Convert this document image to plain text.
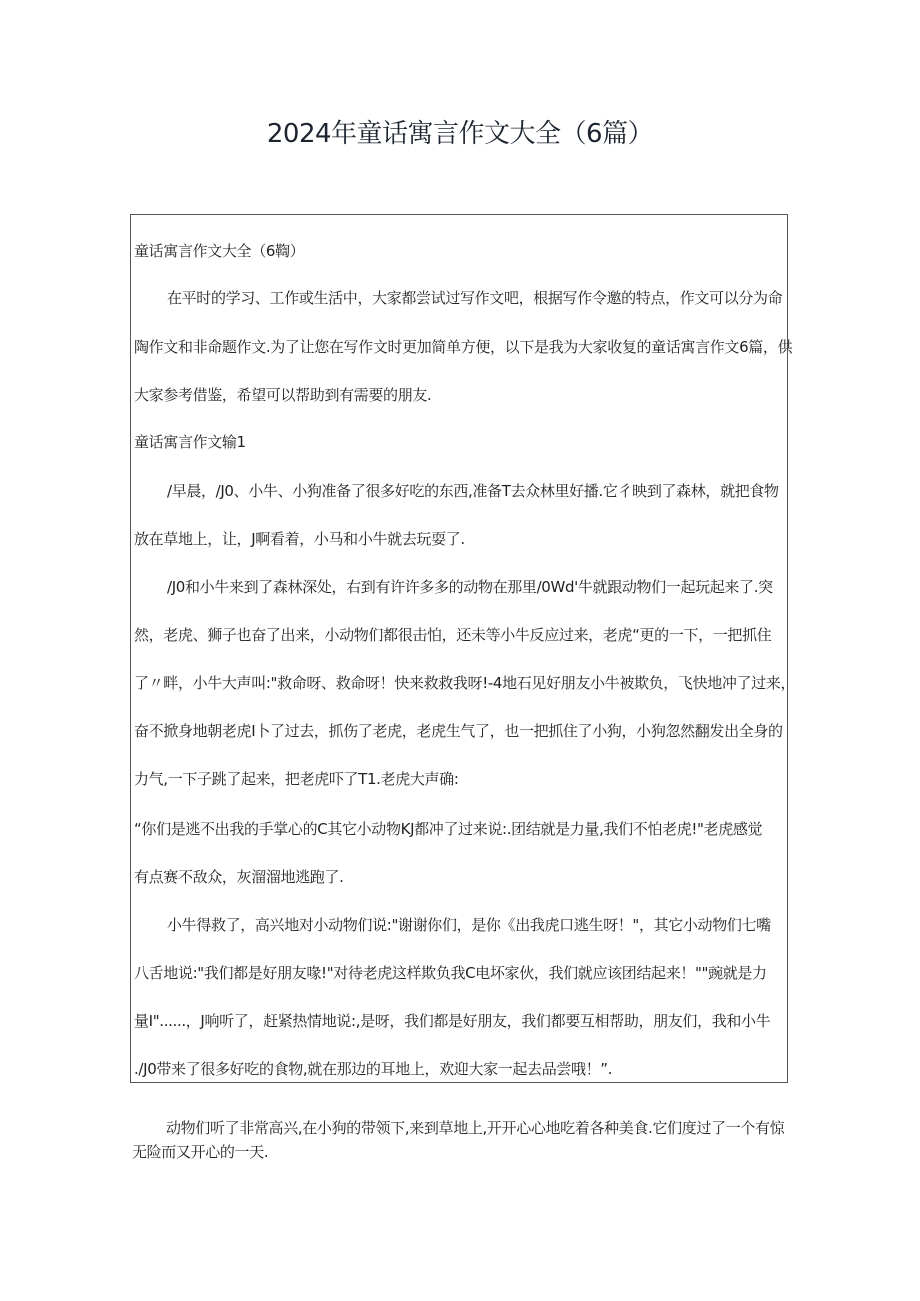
2024年童话寓言作文大全（6篇）
童话寓言作文大全（6鞫）
在平时的学习、工作或生活中，大家都尝试过写作文吧，根据写作令邀的特点，作文可以分为命
陶作文和非命题作文.为了让您在写作文时更加简单方便，以下是我为大家收复的童话寓言作文6篇，供
大家参考借鉴，希望可以帮助到有需要的朋友.
童话寓言作文输1
/早晨，/J0、小牛、小狗准备了很多好吃的东西,准备T去众林里好播.它彳映到了森林，就把食物
放在草地上，让，J啊看着，小马和小牛就去玩耍了.
/J0和小牛来到了森林深处，右到有许许多多的动物在那里/0Wd'牛就跟动物们一起玩起来了.突
然，老虎、狮子也奋了出来，小动物们都很击怕，还未等小牛反应过来，老虎“更的一下，一把抓住
了〃畔，小牛大声叫:"救命呀、救命呀！快来救救我呀!-4地石见好朋友小牛被欺负，飞快地冲了过来，
奋不掀身地朝老虎I卜了过去，抓伤了老虎，老虎生气了，也一把抓住了小狗，小狗忽然翻发出全身的
力气,一下子跳了起来，把老虎吓了T1.老虎大声确:
“你们是逃不出我的手掌心的C其它小动物KJ都冲了过来说:.团结就是力量,我们不怕老虎!"老虎感觉
有点赛不敌众，灰溜溜地逃跑了.
小牛得救了，高兴地对小动物们说:"谢谢你们，是你《出我虎口逃生呀！"，其它小动物们七嘴
八舌地说:"我们都是好朋友喙!"对待老虎这样欺负我C电坏家伙，我们就应该团结起来！""豌就是力
量I"......，J响听了，赶紧热情地说:,是呀，我们都是好朋友，我们都要互相帮助，朋友们，我和小牛
./J0带来了很多好吃的食物,就在那边的耳地上，欢迎大家一起去品尝哦！”.
动物们听了非常高兴,在小狗的带领下,来到草地上,开开心心地吃着各种美食.它们度过了一个有惊
无险而又开心的一天.
